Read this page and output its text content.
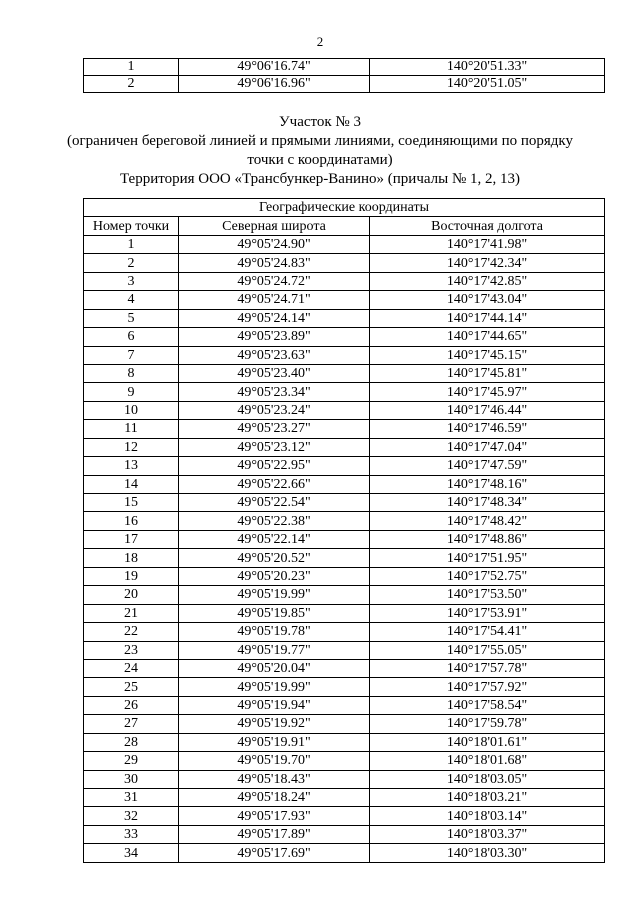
2
1	49°06'16.74"	140°20'51.33"
2	49°06'16.96"	140°20'51.05"
Участок № 3
(ограничен береговой линией и прямыми линиями, соединяющими по порядку
точки с координатами)
Территория ООО «Трансбункер-Ванино» (причалы № 1, 2, 13)
Географические координаты		
Номер точки	Северная широта	Восточная долгота
1	49°05'24.90"	140°17'41.98"
2	49°05'24.83"	140°17'42.34"
3	49°05'24.72"	140°17'42.85"
4	49°05'24.71"	140°17'43.04"
5	49°05'24.14"	140°17'44.14"
6	49°05'23.89"	140°17'44.65"
7	49°05'23.63"	140°17'45.15"
8	49°05'23.40"	140°17'45.81"
9	49°05'23.34"	140°17'45.97"
10	49°05'23.24"	140°17'46.44"
11	49°05'23.27"	140°17'46.59"
12	49°05'23.12"	140°17'47.04"
13	49°05'22.95"	140°17'47.59"
14	49°05'22.66"	140°17'48.16"
15	49°05'22.54"	140°17'48.34"
16	49°05'22.38"	140°17'48.42"
17	49°05'22.14"	140°17'48.86"
18	49°05'20.52"	140°17'51.95"
19	49°05'20.23"	140°17'52.75"
20	49°05'19.99"	140°17'53.50"
21	49°05'19.85"	140°17'53.91"
22	49°05'19.78"	140°17'54.41"
23	49°05'19.77"	140°17'55.05"
24	49°05'20.04"	140°17'57.78"
25	49°05'19.99"	140°17'57.92"
26	49°05'19.94"	140°17'58.54"
27	49°05'19.92"	140°17'59.78"
28	49°05'19.91"	140°18'01.61"
29	49°05'19.70"	140°18'01.68"
30	49°05'18.43"	140°18'03.05"
31	49°05'18.24"	140°18'03.21"
32	49°05'17.93"	140°18'03.14"
33	49°05'17.89"	140°18'03.37"
34	49°05'17.69"	140°18'03.30"
